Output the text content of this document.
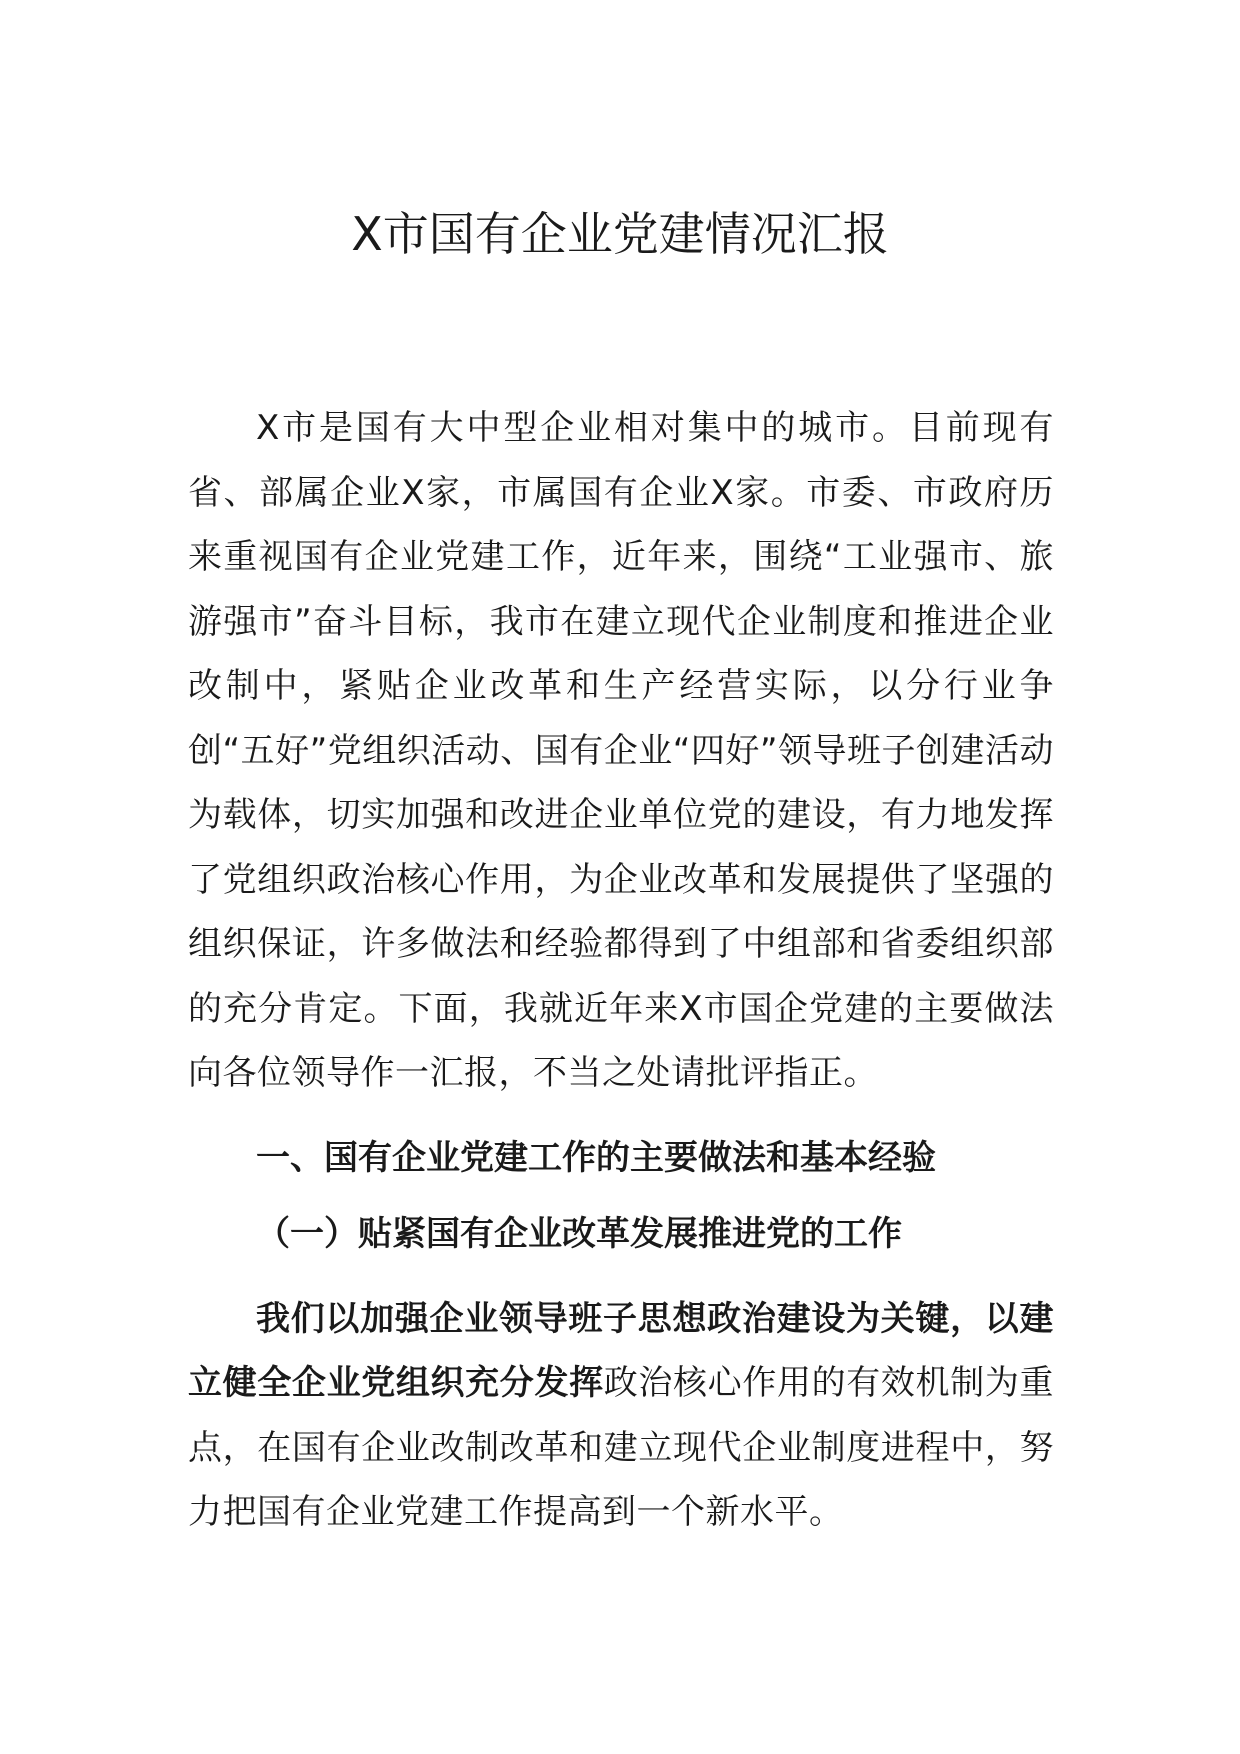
X市国有企业党建情况汇报

X市是国有大中型企业相对集中的城市。目前现有省、部属企业X家，市属国有企业X家。市委、市政府历来重视国有企业党建工作，近年来，围绕“工业强市、旅游强市”奋斗目标，我市在建立现代企业制度和推进企业改制中，紧贴企业改革和生产经营实际，以分行业争创“五好”党组织活动、国有企业“四好”领导班子创建活动为载体，切实加强和改进企业单位党的建设，有力地发挥了党组织政治核心作用，为企业改革和发展提供了坚强的组织保证，许多做法和经验都得到了中组部和省委组织部的充分肯定。下面，我就近年来X市国企党建的主要做法向各位领导作一汇报，不当之处请批评指正。

一、国有企业党建工作的主要做法和基本经验

（一）贴紧国有企业改革发展推进党的工作

我们以加强企业领导班子思想政治建设为关键，以建立健全企业党组织充分发挥政治核心作用的有效机制为重点，在国有企业改制改革和建立现代企业制度进程中，努力把国有企业党建工作提高到一个新水平。
